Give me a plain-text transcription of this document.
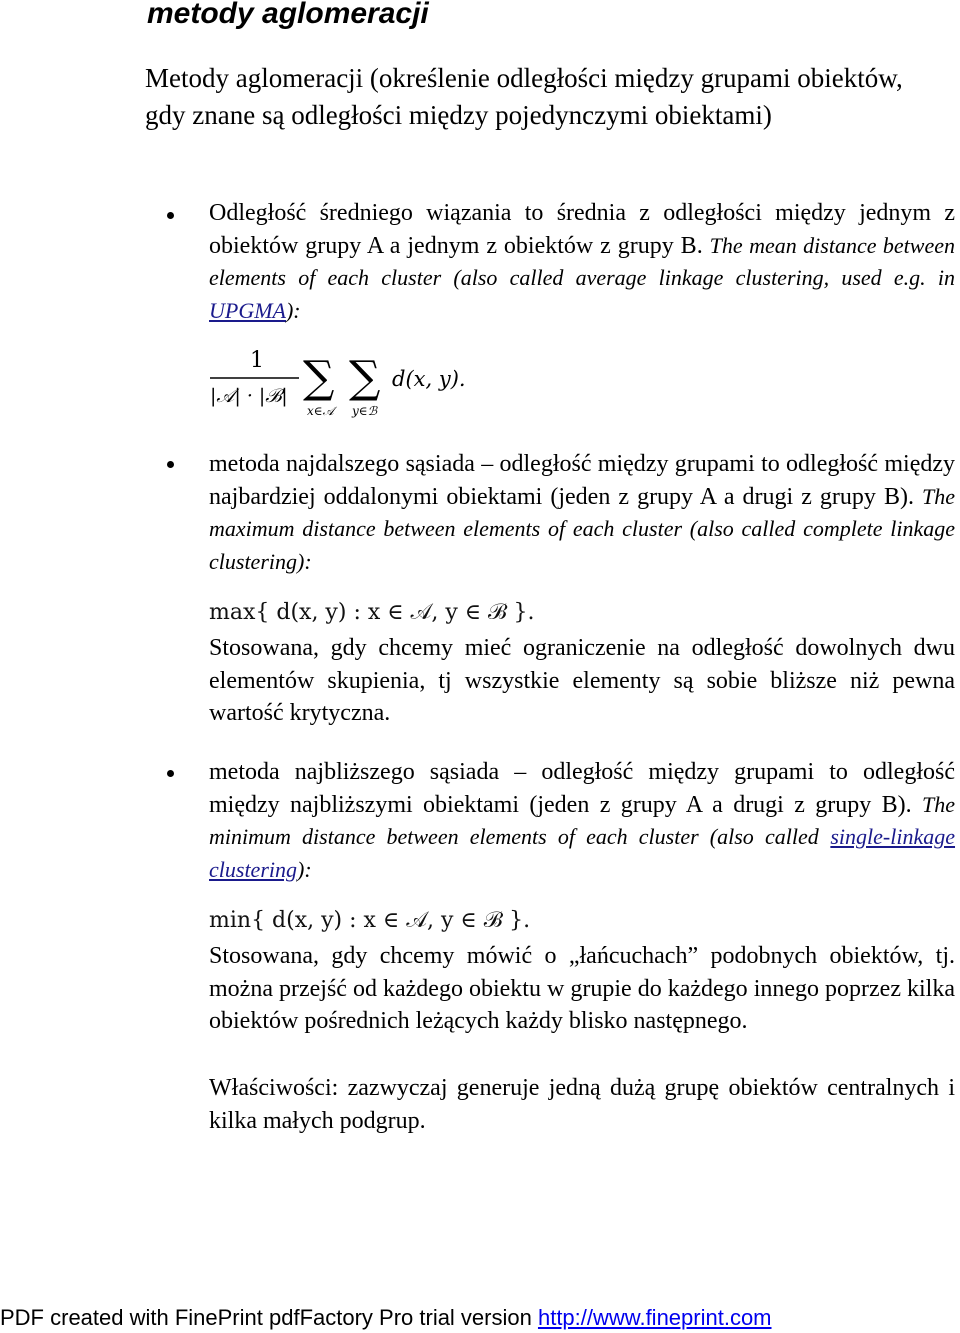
metody aglomeracji
Metody aglomeracji (określenie odległości między grupami obiektów, gdy znane są odległości między pojedynczymi obiektami)
Odległość średniego wiązania to średnia z odległości między jednym z obiektów grupy A a jednym z obiektów z grupy B. The mean distance between elements of each cluster (also called average linkage clustering, used e.g. in UPGMA):
1
|𝒜| · |ℬ| ∑
x∈𝒜
∑
y∈ℬ
d(x, y).
metoda najdalszego sąsiada – odległość między grupami to odległość między najbardziej oddalonymi obiektami (jeden z grupy A a drugi z grupy B). The maximum distance between elements of each cluster (also called complete linkage clustering):
max{ d(x, y) : x ∈ 𝒜, y ∈ ℬ }.
Stosowana, gdy chcemy mieć ograniczenie na odległość dowolnych dwu elementów skupienia, tj wszystkie elementy są sobie bliższe niż pewna wartość krytyczna.
metoda najbliższego sąsiada – odległość między grupami to odległość między najbliższymi obiektami (jeden z grupy A a drugi z grupy B). The minimum distance between elements of each cluster (also called single-linkage clustering):
min{ d(x, y) : x ∈ 𝒜, y ∈ ℬ }.
Stosowana, gdy chcemy mówić o „łańcuchach” podobnych obiektów, tj. można przejść od każdego obiektu w grupie do każdego innego poprzez kilka obiektów pośrednich leżących każdy blisko następnego.
Właściwości: zazwyczaj generuje jedną dużą grupę obiektów centralnych i kilka małych podgrup.
PDF created with FinePrint pdfFactory Pro trial version http://www.fineprint.com
